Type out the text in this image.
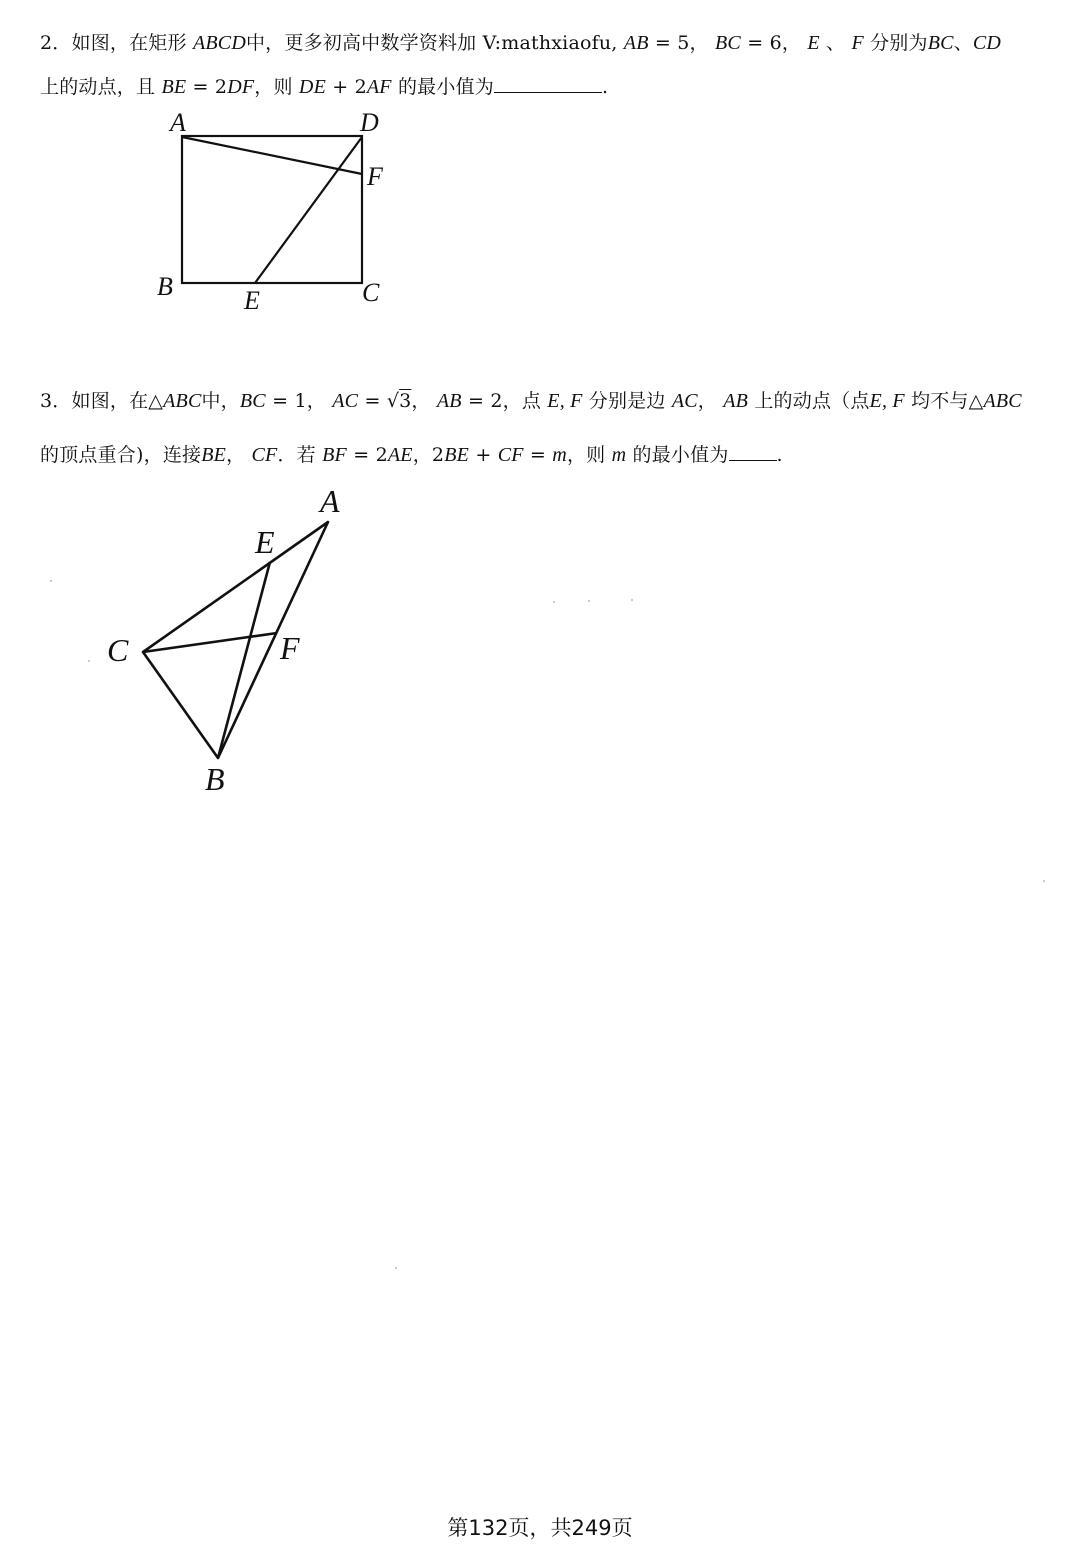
2．如图，在矩形 ABCD中，更多初高中数学资料加 V:mathxiaofu, AB = 5， BC = 6， E 、 F 分别为BC、CD
上的动点，且 BE = 2DF，则 DE + 2AF 的最小值为	.
3．如图，在△ABC中，BC = 1， AC = √3， AB = 2，点 E, F 分别是边 AC， AB 上的动点（点E, F 均不与△ABC
的顶点重合)，连接BE， CF．若 BF = 2AE，2BE + CF = m，则 m 的最小值为	.
A	D
F
B	E	C
A
E
C	F
B
第132页，共249页
